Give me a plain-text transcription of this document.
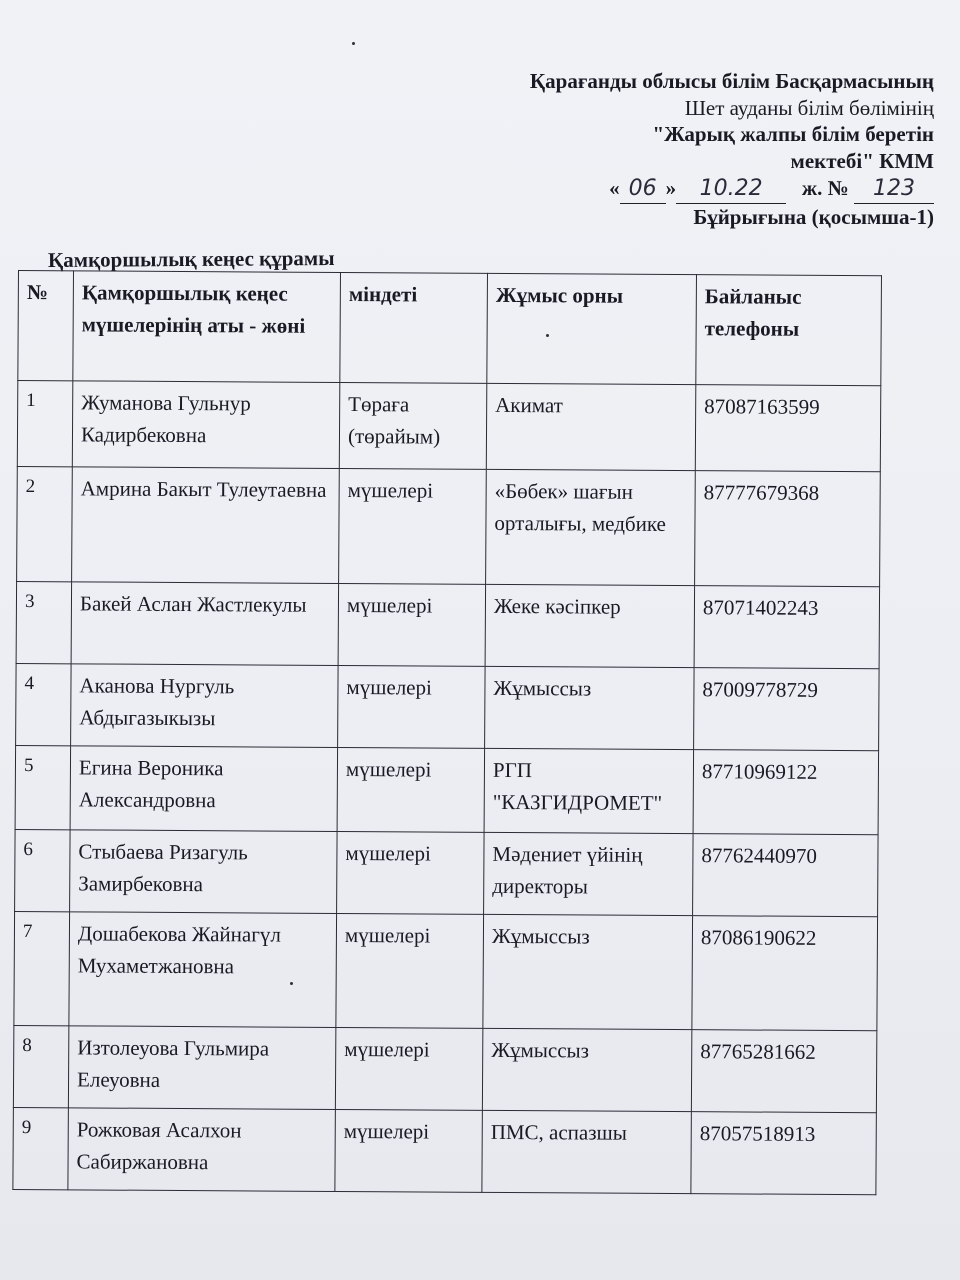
Қарағанды облысы білім Басқармасының
Шет ауданы білім бөлімінің
"Жарық жалпы білім беретін
мектебі" КММ
« 06 » 10.22 ж. № 123
Бұйрығына (қосымша-1)
Қамқоршылық кеңес құрамы
№	Қамқоршылық кеңес мүшелерінің аты - жөні	міндеті	Жұмыс орны	Байланыс телефоны
1	Жуманова Гульнур Кадирбековна	Төраға (төрайым)	Акимат	87087163599
2	Амрина Бакыт Тулеутаевна	мүшелері	«Бөбек» шағын орталығы, медбике	87777679368
3	Бакей Аслан Жастлекулы	мүшелері	Жеке кәсіпкер	87071402243
4	Аканова Нургуль Абдыгазыкызы	мүшелері	Жұмыссыз	87009778729
5	Егина Вероника Александровна	мүшелері	РГП "КАЗГИДРОМЕТ"	87710969122
6	Стыбаева Ризагуль Замирбековна	мүшелері	Мәдениет үйінің директоры	87762440970
7	Дошабекова Жайнагүл Мухаметжановна	мүшелері	Жұмыссыз	87086190622
8	Изтолеуова Гульмира Елеуовна	мүшелері	Жұмыссыз	87765281662
9	Рожковая Асалхон Сабиржановна	мүшелері	ПМС, аспазшы	87057518913
